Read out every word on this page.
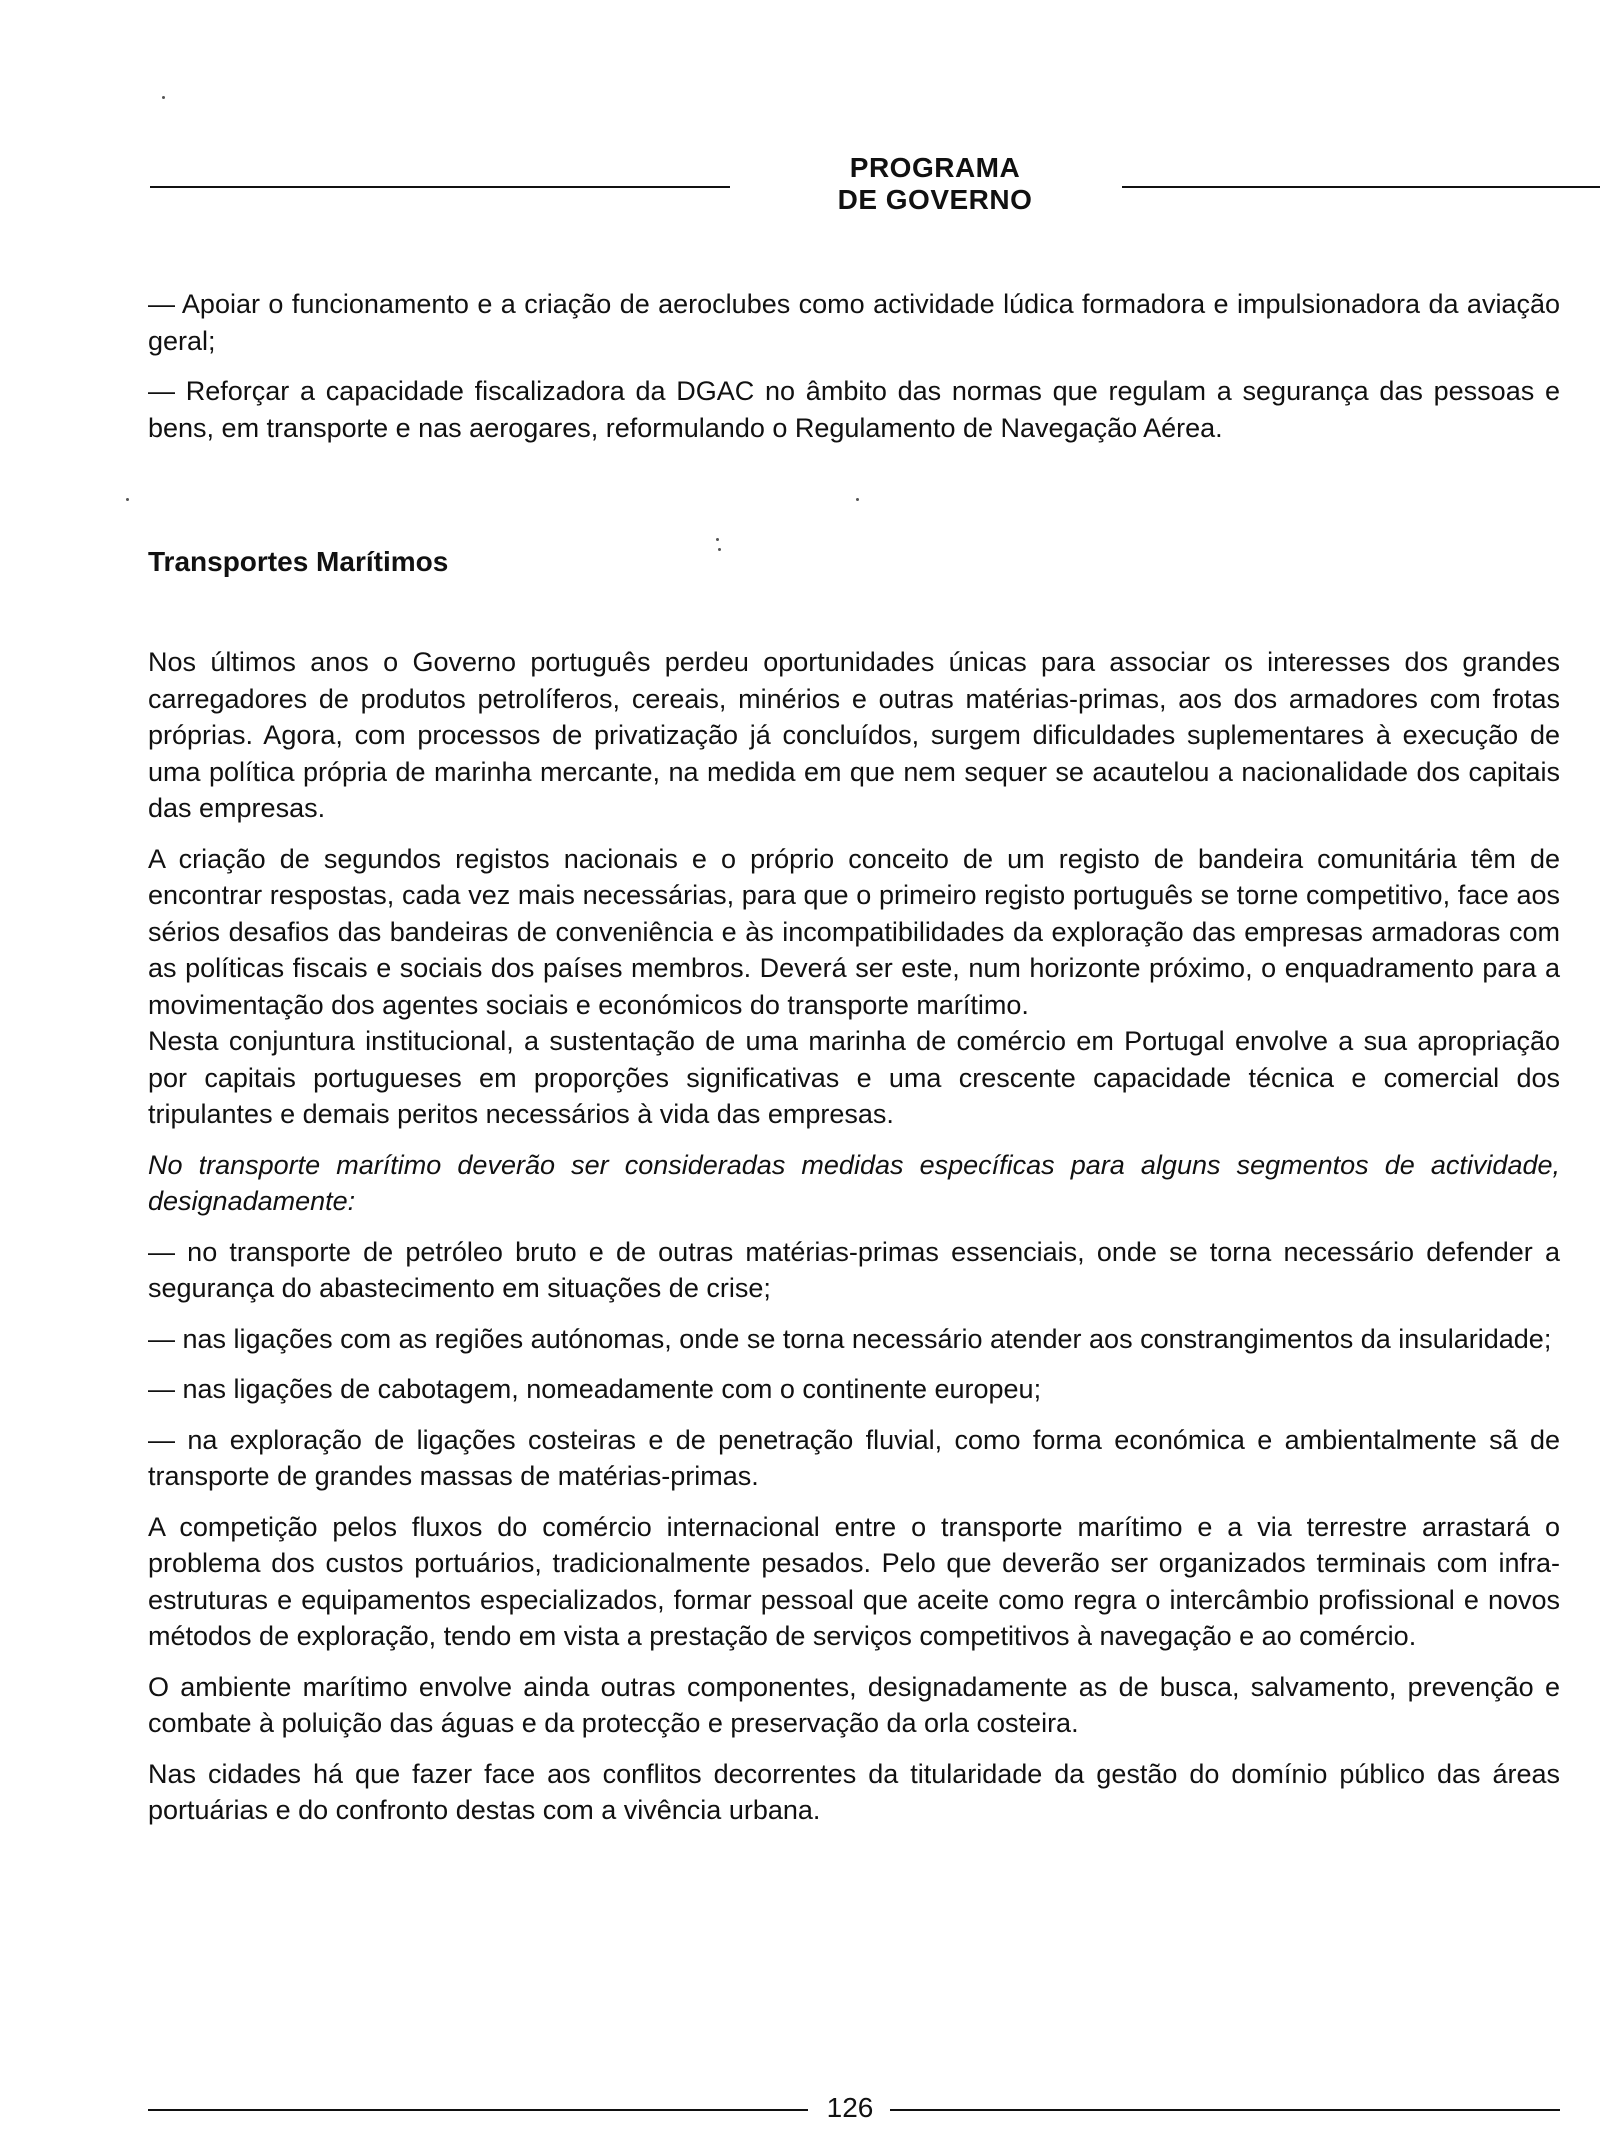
PROGRAMA
DE GOVERNO

— Apoiar o funcionamento e a criação de aeroclubes como actividade lúdica formadora e impulsionadora da aviação geral;

— Reforçar a capacidade fiscalizadora da DGAC no âmbito das normas que regulam a segurança das pessoas e bens, em transporte e nas aerogares, reformulando o Regulamento de Navegação Aérea.

Transportes Marítimos

Nos últimos anos o Governo português perdeu oportunidades únicas para associar os interesses dos grandes carregadores de produtos petrolíferos, cereais, minérios e outras matérias-primas, aos dos armadores com frotas próprias. Agora, com processos de privatização já concluídos, surgem dificuldades suplementares à execução de uma política própria de marinha mercante, na medida em que nem sequer se acautelou a nacionalidade dos capitais das empresas.

A criação de segundos registos nacionais e o próprio conceito de um registo de bandeira comunitária têm de encontrar respostas, cada vez mais necessárias, para que o primeiro registo português se torne competitivo, face aos sérios desafios das bandeiras de conveniência e às incompatibilidades da exploração das empresas armadoras com as políticas fiscais e sociais dos países membros. Deverá ser este, num horizonte próximo, o enquadramento para a movimentação dos agentes sociais e económicos do transporte marítimo.

Nesta conjuntura institucional, a sustentação de uma marinha de comércio em Portugal envolve a sua apropriação por capitais portugueses em proporções significativas e uma crescente capacidade técnica e comercial dos tripulantes e demais peritos necessários à vida das empresas.

No transporte marítimo deverão ser consideradas medidas específicas para alguns segmentos de actividade, designadamente:

— no transporte de petróleo bruto e de outras matérias-primas essenciais, onde se torna necessário defender a segurança do abastecimento em situações de crise;

— nas ligações com as regiões autónomas, onde se torna necessário atender aos constrangimentos da insularidade;

— nas ligações de cabotagem, nomeadamente com o continente europeu;

— na exploração de ligações costeiras e de penetração fluvial, como forma económica e ambientalmente sã de transporte de grandes massas de matérias-primas.

A competição pelos fluxos do comércio internacional entre o transporte marítimo e a via terrestre arrastará o problema dos custos portuários, tradicionalmente pesados. Pelo que deverão ser organizados terminais com infra-estruturas e equipamentos especializados, formar pessoal que aceite como regra o intercâmbio profissional e novos métodos de exploração, tendo em vista a prestação de serviços competitivos à navegação e ao comércio.

O ambiente marítimo envolve ainda outras componentes, designadamente as de busca, salvamento, prevenção e combate à poluição das águas e da protecção e preservação da orla costeira.

Nas cidades há que fazer face aos conflitos decorrentes da titularidade da gestão do domínio público das áreas portuárias e do confronto destas com a vivência urbana.

126
